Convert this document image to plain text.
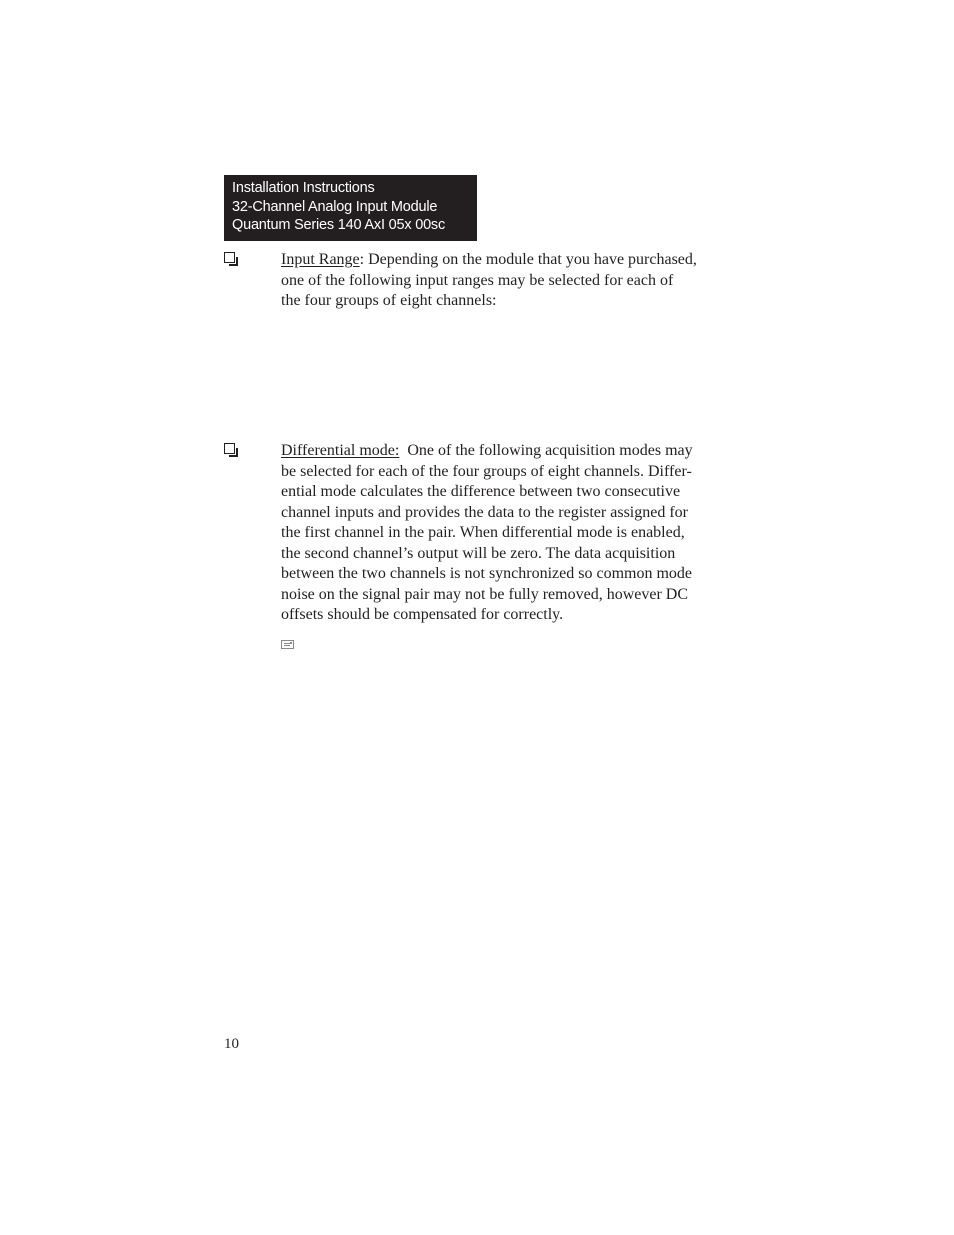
Installation Instructions
32-Channel Analog Input Module
Quantum Series 140 AxI 05x 00sc
Input Range: Depending on the module that you have purchased,
one of the following input ranges may be selected for each of
the four groups of eight channels:
Differential mode:  One of the following acquisition modes may
be selected for each of the four groups of eight channels. Differ-
ential mode calculates the difference between two consecutive
channel inputs and provides the data to the register assigned for
the first channel in the pair. When differential mode is enabled,
the second channel’s output will be zero. The data acquisition
between the two channels is not synchronized so common mode
noise on the signal pair may not be fully removed, however DC
offsets should be compensated for correctly.
10
